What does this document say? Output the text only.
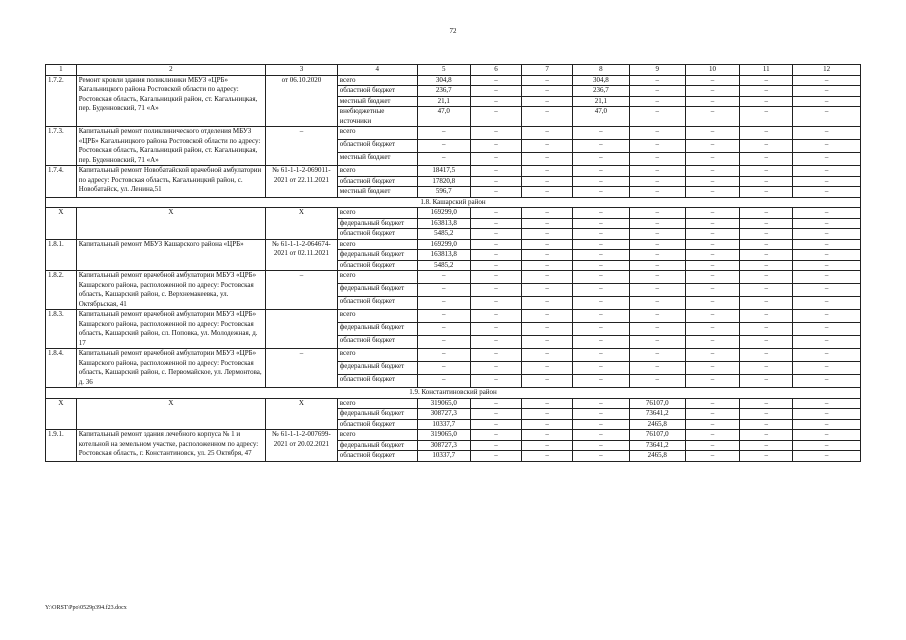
72
1	2	3	4	5	6	7	8	9	10	11	12
1.7.2.	Ремонт кровли здания поликлиники МБУЗ «ЦРБ» Кагальницкого района Ростовской области по адресу: Ростовская область, Кагальницкий район, ст. Кагальницкая, пер. Буденновский, 71 «А»	от 06.10.2020	всего	304,8	–	–	304,8	–	–	–	–
			областной бюджет	236,7	–	–	236,7	–	–	–	–
			местный бюджет	21,1	–	–	21,1	–	–	–	–
			внебюджетные источники	47,0	–	–	47,0	–	–	–	–
1.7.3.	Капитальный ремонт поликлинического отделения МБУЗ «ЦРБ» Кагальницкого района Ростовской области по адресу: Ростовская область, Кагальницкий район, ст. Кагальницкая, пер. Буденновский, 71 «А»	–	всего	–	–	–	–	–	–	–	–
			областной бюджет	–	–	–	–	–	–	–	–
			местный бюджет	–	–	–	–	–	–	–	–
1.7.4.	Капитальный ремонт Новобатайской врачебной амбулатории по адресу: Ростовская область, Кагальницкий район, с. Новобатайск, ул. Ленина,51	№ 61-1-1-2-069011-2021 от 22.11.2021	всего	18417,5	–	–	–	–	–	–	–
			областной бюджет	17820,8	–	–	–	–	–	–	–
			местный бюджет	596,7	–	–	–	–	–	–	–
1.8. Кашарский район											
Х	Х	Х	всего	169299,0	–	–	–	–	–	–	–
			федеральный бюджет	163813,8	–	–	–	–	–	–	–
			областной бюджет	5485,2	–	–	–	–	–	–	–
1.8.1.	Капитальный ремонт МБУЗ Кашарского района «ЦРБ»	№ 61-1-1-2-064674-2021 от 02.11.2021	всего	169299,0	–	–	–	–	–	–	–
			федеральный бюджет	163813,8	–	–	–	–	–	–	–
			областной бюджет	5485,2	–	–	–	–	–	–	–
1.8.2.	Капитальный ремонт врачебной амбулатории МБУЗ «ЦРБ» Кашарского района, расположенной по адресу: Ростовская область, Кашарский район, с. Верхнемакеевка, ул. Октябрьская, 41	–	всего	–	–	–	–	–	–	–	–
			федеральный бюджет	–	–	–	–	–	–	–	–
			областной бюджет	–	–	–	–	–	–	–	–
1.8.3.	Капитальный ремонт врачебной амбулатории МБУЗ «ЦРБ» Кашарского района, расположенной по адресу: Ростовская область, Кашарский район, сл. Поповка, ул. Молодежная, д. 17		всего	–	–	–	–	–	–	–	–
			федеральный бюджет	–	–	–	–	–	–	–	–
			областной бюджет	–	–	–	–	–	–	–	–
1.8.4.	Капитальный ремонт врачебной амбулатории МБУЗ «ЦРБ» Кашарского района, расположенной по адресу: Ростовская область, Кашарский район, с. Первомайское, ул. Лермонтова, д. 36	–	всего	–	–	–	–	–	–	–	–
			федеральный бюджет	–	–	–	–	–	–	–	–
			областной бюджет	–	–	–	–	–	–	–	–
1.9. Константиновский район											
Х	Х	Х	всего	319065,0	–	–	–	76107,0	–	–	–
			федеральный бюджет	308727,3	–	–	–	73641,2	–	–	–
			областной бюджет	10337,7	–	–	–	2465,8	–	–	–
1.9.1.	Капитальный ремонт здания лечебного корпуса № 1 и котельной на земельном участке, расположенном по адресу: Ростовская область, г. Константиновск, ул. 25 Октября, 47	№ 61-1-1-2-007699-2021 от 20.02.2021	всего	319065,0	–	–	–	76107,0	–	–	–
			федеральный бюджет	308727,3	–	–	–	73641,2	–	–	–
			областной бюджет	10337,7	–	–	–	2465,8	–	–	–
Y:\ORST\Ppo\0529p394.f23.docx
